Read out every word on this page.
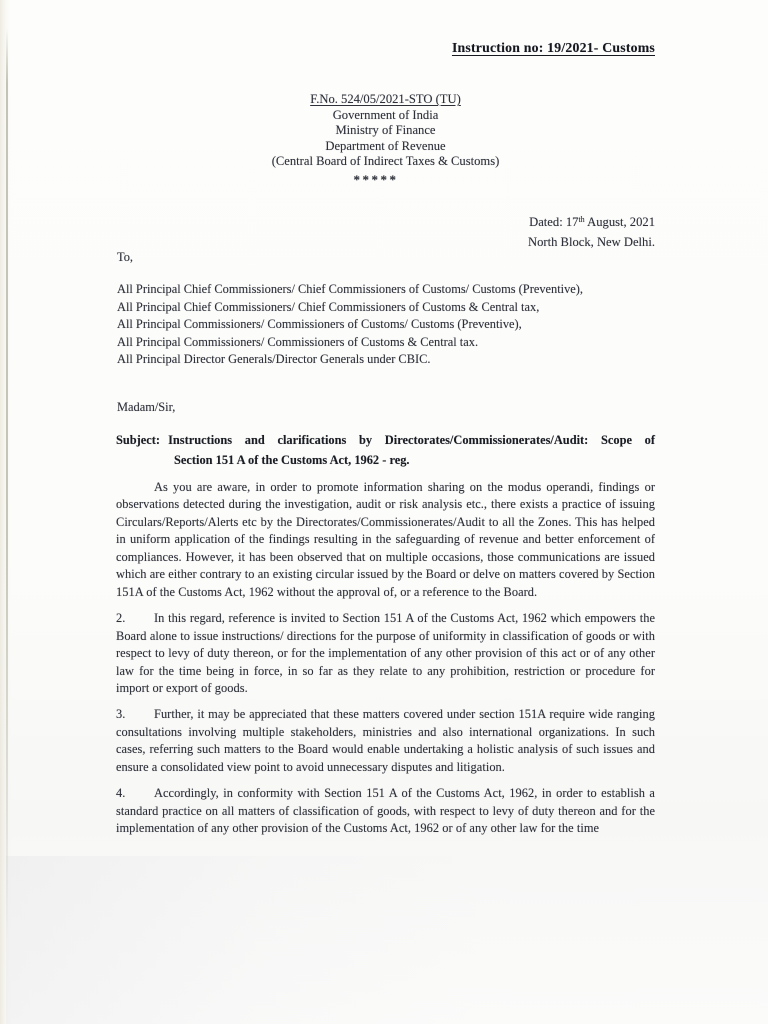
Instruction no: 19/2021- Customs
F.No. 524/05/2021-STO (TU)
Government of India
Ministry of Finance
Department of Revenue
(Central Board of Indirect Taxes & Customs)
*****
Dated: 17th August, 2021
North Block, New Delhi.
To,
All Principal Chief Commissioners/ Chief Commissioners of Customs/ Customs (Preventive),
All Principal Chief Commissioners/ Chief Commissioners of Customs & Central tax,
All Principal Commissioners/ Commissioners of Customs/ Customs (Preventive),
All Principal Commissioners/ Commissioners of Customs & Central tax.
All Principal Director Generals/Director Generals under CBIC.
Madam/Sir,
Subject: Instructions and clarifications by Directorates/Commissionerates/Audit: Scope of
Section 151 A of the Customs Act, 1962 - reg.

As you are aware, in order to promote information sharing on the modus operandi, findings or observations detected during the investigation, audit or risk analysis etc., there exists a practice of issuing Circulars/Reports/Alerts etc by the Directorates/Commissionerates/Audit to all the Zones. This has helped in uniform application of the findings resulting in the safeguarding of revenue and better enforcement of compliances. However, it has been observed that on multiple occasions, those communications are issued which are either contrary to an existing circular issued by the Board or delve on matters covered by Section 151A of the Customs Act, 1962 without the approval of, or a reference to the Board.

2. In this regard, reference is invited to Section 151 A of the Customs Act, 1962 which empowers the Board alone to issue instructions/ directions for the purpose of uniformity in classification of goods or with respect to levy of duty thereon, or for the implementation of any other provision of this act or of any other law for the time being in force, in so far as they relate to any prohibition, restriction or procedure for import or export of goods.

3. Further, it may be appreciated that these matters covered under section 151A require wide ranging consultations involving multiple stakeholders, ministries and also international organizations. In such cases, referring such matters to the Board would enable undertaking a holistic analysis of such issues and ensure a consolidated view point to avoid unnecessary disputes and litigation.

4. Accordingly, in conformity with Section 151 A of the Customs Act, 1962, in order to establish a standard practice on all matters of classification of goods, with respect to levy of duty thereon and for the implementation of any other provision of the Customs Act, 1962 or of any other law for the time
